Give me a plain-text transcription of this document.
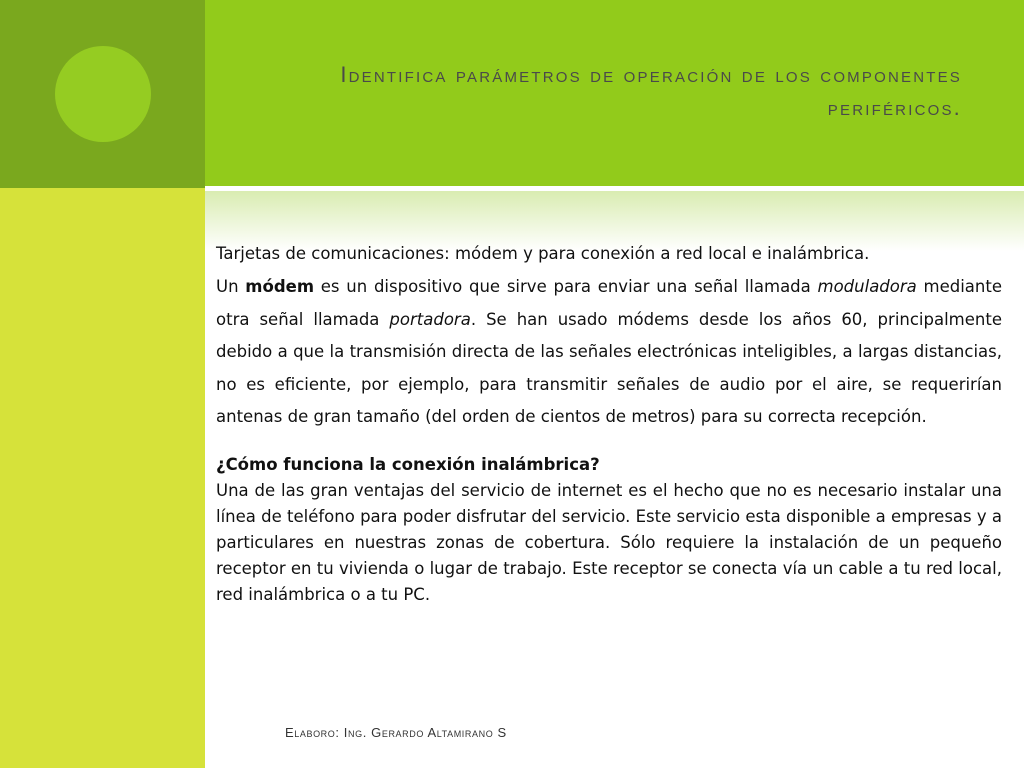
Identifica parámetros de operación de los componentes periféricos.

Tarjetas de comunicaciones: módem y para conexión a red local e inalámbrica.

Un módem es un dispositivo que sirve para enviar una señal llamada moduladora mediante otra señal llamada portadora. Se han usado módems desde los años 60, principalmente debido a que la transmisión directa de las señales electrónicas inteligibles, a largas distancias, no es eficiente, por ejemplo, para transmitir señales de audio por el aire, se requerirían antenas de gran tamaño (del orden de cientos de metros) para su correcta recepción.

¿Cómo funciona la conexión inalámbrica?

Una de las gran ventajas del servicio de internet es el hecho que no es necesario instalar una línea de teléfono para poder disfrutar del servicio. Este servicio esta disponible a empresas y a particulares en nuestras zonas de cobertura. Sólo requiere la instalación de un pequeño receptor en tu vivienda o lugar de trabajo. Este receptor se conecta vía un cable a tu red local, red inalámbrica o a tu PC.

Elaboro: Ing. Gerardo Altamirano S
